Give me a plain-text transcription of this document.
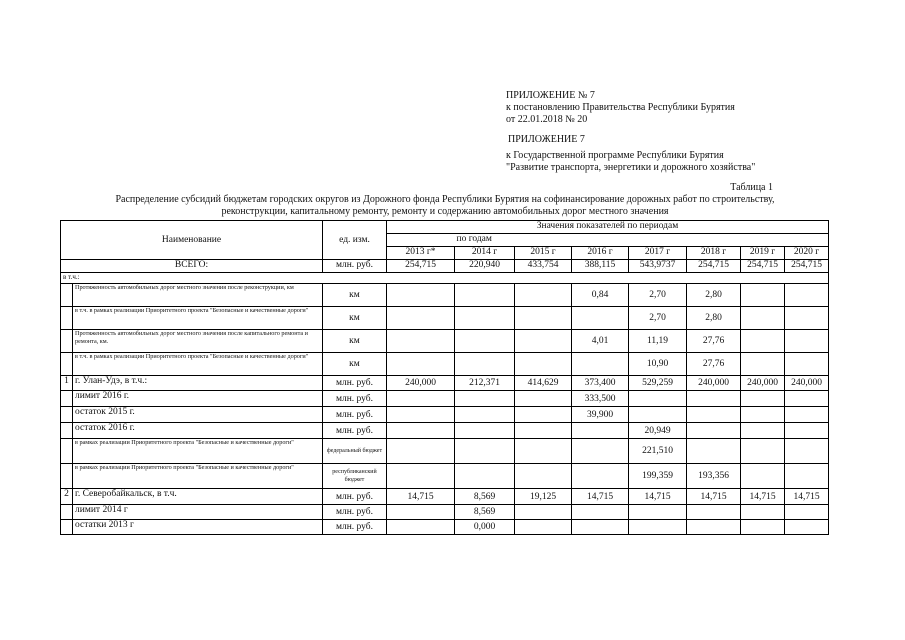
ПРИЛОЖЕНИЕ № 7
к постановлению Правительства Республики Бурятия
от 22.01.2018 № 20
ПРИЛОЖЕНИЕ 7
к Государственной программе Республики Бурятия
"Развитие транспорта, энергетики и дорожного хозяйства"
Таблица 1
Распределение субсидий бюджетам городских округов из Дорожного фонда Республики Бурятия на софинансирование дорожных работ по строительству,
реконструкции, капитальному ремонту, ремонту и содержанию автомобильных дорог местного значения
Наименование		ед. изм.	Значения показателей по периодам							
				по годам						
			2013 г*	2014 г	2015 г	2016 г	2017 г	2018 г	2019 г	2020 г
ВСЕГО:		млн. руб.	254,715	220,940	433,754	388,115	543,9737	254,715	254,715	254,715
в т.ч.:										
	Протяженность автомобильных дорог местного значения после реконструкции, км	км				0,84	2,70	2,80		
	в т.ч. в рамках реализации Приоритетного проекта "Безопасные и качественные дороги"	км					2,70	2,80		
	Протяженность автомобильных дорог местного значения после капитального ремонта и ремонта, км.	км				4,01	11,19	27,76		
	в т.ч. в рамках реализации Приоритетного проекта "Безопасные и качественные дороги"	км					10,90	27,76		
1	г. Улан-Удэ, в т.ч.:	млн. руб.	240,000	212,371	414,629	373,400	529,259	240,000	240,000	240,000
	лимит 2016 г.	млн. руб.				333,500				
	остаток 2015 г.	млн. руб.				39,900				
	остаток 2016 г.	млн. руб.					20,949			
	в рамках реализации Приоритетного проекта "Безопасные и качественные дороги"	федеральный бюджет					221,510			
	в рамках реализации Приоритетного проекта "Безопасные и качественные дороги"	республиканский бюджет					199,359	193,356		
2	г. Северобайкальск, в т.ч.	млн. руб.	14,715	8,569	19,125	14,715	14,715	14,715	14,715	14,715
	лимит 2014 г	млн. руб.		8,569						
	остатки 2013 г	млн. руб.		0,000						
